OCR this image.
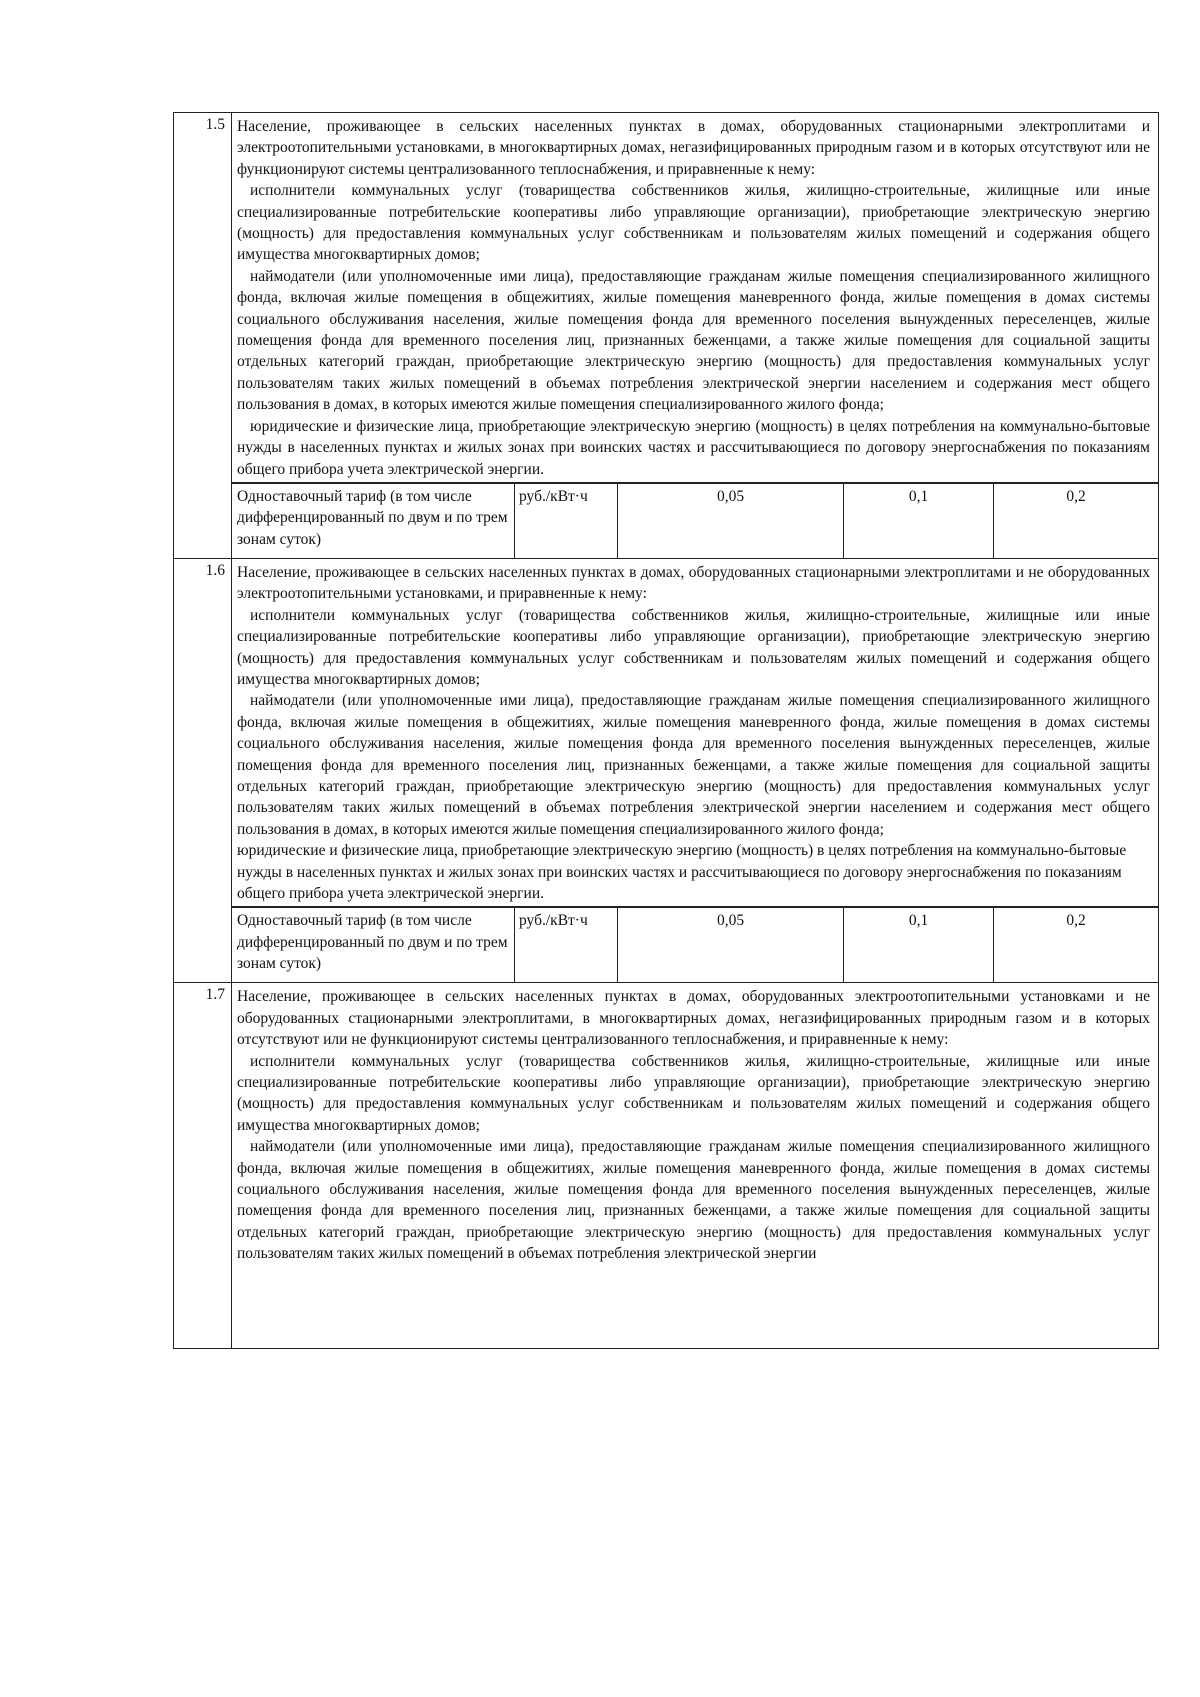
1.5	Население, проживающее в сельских населенных пунктах в домах, оборудованных стационарными электроплитами и электроотопительными установками, в многоквартирных домах, негазифицированных природным газом и в которых отсутствуют или не функционируют системы централизованного теплоснабжения, и приравненные к нему:

исполнители коммунальных услуг (товарищества собственников жилья, жилищно-строительные, жилищные или иные специализированные потребительские кооперативы либо управляющие организации), приобретающие электрическую энергию (мощность) для предоставления коммунальных услуг собственникам и пользователям жилых помещений и содержания общего имущества многоквартирных домов;

наймодатели (или уполномоченные ими лица), предоставляющие гражданам жилые помещения специализированного жилищного фонда, включая жилые помещения в общежитиях, жилые помещения маневренного фонда, жилые помещения в домах системы социального обслуживания населения, жилые помещения фонда для временного поселения вынужденных переселенцев, жилые помещения фонда для временного поселения лиц, признанных беженцами, а также жилые помещения для социальной защиты отдельных категорий граждан, приобретающие электрическую энергию (мощность) для предоставления коммунальных услуг пользователям таких жилых помещений в объемах потребления электрической энергии населением и содержания мест общего пользования в домах, в которых имеются жилые помещения специализированного жилого фонда;

юридические и физические лица, приобретающие электрическую энергию (мощность) в целях потребления на коммунально-бытовые нужды в населенных пунктах и жилых зонах при воинских частях и рассчитывающиеся по договору энергоснабжения по показаниям общего прибора учета электрической энергии.

Одноставочный тариф (в том числе дифференцированный по двум и по трем зонам суток)	руб./кВт·ч	0,05	0,1	0,2

1.6	Население, проживающее в сельских населенных пунктах в домах, оборудованных стационарными электроплитами и не оборудованных электроотопительными установками, и приравненные к нему:

исполнители коммунальных услуг (товарищества собственников жилья, жилищно-строительные, жилищные или иные специализированные потребительские кооперативы либо управляющие организации), приобретающие электрическую энергию (мощность) для предоставления коммунальных услуг собственникам и пользователям жилых помещений и содержания общего имущества многоквартирных домов;

наймодатели (или уполномоченные ими лица), предоставляющие гражданам жилые помещения специализированного жилищного фонда, включая жилые помещения в общежитиях, жилые помещения маневренного фонда, жилые помещения в домах системы социального обслуживания населения, жилые помещения фонда для временного поселения вынужденных переселенцев, жилые помещения фонда для временного поселения лиц, признанных беженцами, а также жилые помещения для социальной защиты отдельных категорий граждан, приобретающие электрическую энергию (мощность) для предоставления коммунальных услуг пользователям таких жилых помещений в объемах потребления электрической энергии населением и содержания мест общего пользования в домах, в которых имеются жилые помещения специализированного жилого фонда;

юридические и физические лица, приобретающие электрическую энергию (мощность) в целях потребления на коммунально-бытовые нужды в населенных пунктах и жилых зонах при воинских частях и рассчитывающиеся по договору энергоснабжения по показаниям общего прибора учета электрической энергии.

Одноставочный тариф (в том числе дифференцированный по двум и по трем зонам суток)	руб./кВт·ч	0,05	0,1	0,2

1.7	Население, проживающее в сельских населенных пунктах в домах, оборудованных электроотопительными установками и не оборудованных стационарными электроплитами, в многоквартирных домах, негазифицированных природным газом и в которых отсутствуют или не функционируют системы централизованного теплоснабжения, и приравненные к нему:

исполнители коммунальных услуг (товарищества собственников жилья, жилищно-строительные, жилищные или иные специализированные потребительские кооперативы либо управляющие организации), приобретающие электрическую энергию (мощность) для предоставления коммунальных услуг собственникам и пользователям жилых помещений и содержания общего имущества многоквартирных домов;

наймодатели (или уполномоченные ими лица), предоставляющие гражданам жилые помещения специализированного жилищного фонда, включая жилые помещения в общежитиях, жилые помещения маневренного фонда, жилые помещения в домах системы социального обслуживания населения, жилые помещения фонда для временного поселения вынужденных переселенцев, жилые помещения фонда для временного поселения лиц, признанных беженцами, а также жилые помещения для социальной защиты отдельных категорий граждан, приобретающие электрическую энергию (мощность) для предоставления коммунальных услуг пользователям таких жилых помещений в объемах потребления электрической энергии
